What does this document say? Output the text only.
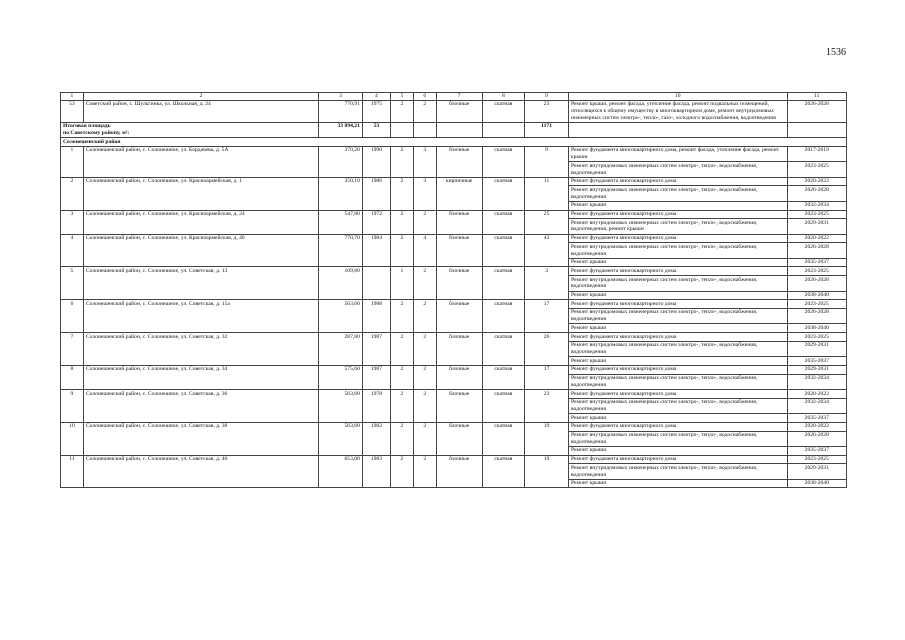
1536
1	2	3	4	5	6	7	8	9	10	11
53	Советский район, с. Шульгинка, ул. Школьная, д. 24	770,91	1975	2	2	блочные	скатная	23	Ремонт крыши, ремонт фасада, утепление фасада, ремонт подвальных помещений, относящихся к общему имуществу в многоквартирном доме, ремонт внутридомовых инженерных систем электро-, тепло-, газо-, холодного водоснабжения, водоотведения	2026-2028

Итоговая площадь
по Советскому району, м²:		33 894,21	53					1171		
Солонешенский район										
1	Солонешенский район, с. Солонешное, ул. Бордачева, д. 5А	370,20	1990	2	3	блочные	скатная	9	Ремонт фундамента многоквартирного дома, ремонт фасада, утепление фасада, ремонт крыши	2017-2019
									Ремонт внутридомовых инженерных систем электро-, тепло-, водоснабжения, водоотведения	2023-2025
2	Солонешенский район, с. Солонешное, ул. Красноармейская, д. 1	350,10	1986	2	3	кирпичные	скатная	11	Ремонт фундамента многоквартирного дома	2020-2022
									Ремонт внутридомовых инженерных систем электро-, тепло-, водоснабжения, водоотведения	2026-2028
									Ремонт крыши	2032-2034
3	Солонешенский район, с. Солонешное, ул. Красноармейская, д. 24	547,80	1972	2	2	блочные	скатная	25	Ремонт фундамента многоквартирного дома	2023-2025
									Ремонт внутридомовых инженерных систем электро-, тепло-, водоснабжения, водоотведения, ремонт крыши	2029-2031
4	Солонешенский район, с. Солонешное, ул. Красноармейская, д. 40	770,70	1984	2	4	блочные	скатная	42	Ремонт фундамента многоквартирного дома	2020-2022
									Ремонт внутридомовых инженерных систем электро-, тепло-, водоснабжения, водоотведения	2026-2028
									Ремонт крыши	2035-2037
5	Солонешенский район, с. Солонешное, ул. Советская, д. 13	109,80		1	2	блочные	скатная	3	Ремонт фундамента многоквартирного дома	2023-2025
									Ремонт внутридомовых инженерных систем электро-, тепло-, водоснабжения, водоотведения	2026-2028
									Ремонт крыши	2038-2040
6	Солонешенский район, с. Солонешное, ул. Советская, д. 15а	563,60	1988	2	2	блочные	скатная	17	Ремонт фундамента многоквартирного дома	2023-2025
									Ремонт внутридомовых инженерных систем электро-, тепло-, водоснабжения, водоотведения	2026-2028
									Ремонт крыши	2038-2040
7	Солонешенский район, с. Солонешное, ул. Советская, д. 32	287,80	1987	2	2	блочные	скатная	26	Ремонт фундамента многоквартирного дома	2023-2025
									Ремонт внутридомовых инженерных систем электро-, тепло-, водоснабжения, водоотведения	2029-2031
									Ремонт крыши	2035-2037
8	Солонешенский район, с. Солонешное, ул. Советская, д. 34	575,60	1987	2	2	блочные	скатная	17	Ремонт фундамента многоквартирного дома	2029-2031
									Ремонт внутридомовых инженерных систем электро-, тепло-, водоснабжения, водоотведения	2032-2034
9	Солонешенский район, с. Солонешное, ул. Советская, д. 36	563,60	1978	2	2	блочные	скатная	23	Ремонт фундамента многоквартирного дома	2020-2022
									Ремонт внутридомовых инженерных систем электро-, тепло-, водоснабжения, водоотведения	2032-2034
									Ремонт крыши	2035-2037
10	Солонешенский район, с. Солонешное, ул. Советская, д. 38	563,60	1982	2	2	блочные	скатная	19	Ремонт фундамента многоквартирного дома	2020-2022
									Ремонт внутридомовых инженерных систем электро-, тепло-, водоснабжения, водоотведения	2026-2028
									Ремонт крыши	2035-2037
11	Солонешенский район, с. Солонешное, ул. Советская, д. 40	653,00	1983	2	2	блочные	скатная	19	Ремонт фундамента многоквартирного дома	2023-2025
									Ремонт внутридомовых инженерных систем электро-, тепло-, водоснабжения, водоотведения	2029-2031
									Ремонт крыши	2038-2040
